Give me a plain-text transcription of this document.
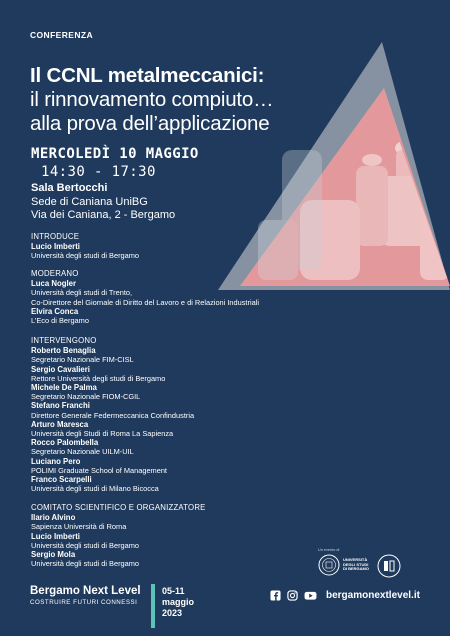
CONFERENZA
Il CCNL metalmeccanici:
il rinnovamento compiuto…
alla prova dell’applicazione
MERCOLEDÌ 10 MAGGIO
14:30 - 17:30
Sala Bertocchi
Sede di Caniana UniBG
Via dei Caniana, 2 - Bergamo
INTRODUCE
Lucio Imberti
Università degli studi di Bergamo
MODERANO
Luca Nogler
Università degli studi di Trento,
Co-Direttore del Giornale di Diritto del Lavoro e di Relazioni Industriali
Elvira Conca
L’Eco di Bergamo
INTERVENGONO
Roberto Benaglia
Segretario Nazionale FIM-CISL
Sergio Cavalieri
Rettore Università degli studi di Bergamo
Michele De Palma
Segretario Nazionale FIOM-CGIL
Stefano Franchi
Direttore Generale Federmeccanica Confindustria
Arturo Maresca
Università degli Studi di Roma La Sapienza
Rocco Palombella
Segretario Nazionale UILM-UIL
Luciano Pero
POLIMI Graduate School of Management
Franco Scarpelli
Università degli studi di Milano Bicocca
COMITATO SCIENTIFICO E ORGANIZZATORE
Ilario Alvino
Sapienza Università di Roma
Lucio Imberti
Università degli studi di Bergamo
Sergio Mola
Università degli studi di Bergamo
Un evento di
UNIVERSITÀ
DEGLI STUDI
DI BERGAMO
Bergamo Next Level
COSTRUIRE FUTURI CONNESSI
05-11
maggio
2023
bergamonextlevel.it
